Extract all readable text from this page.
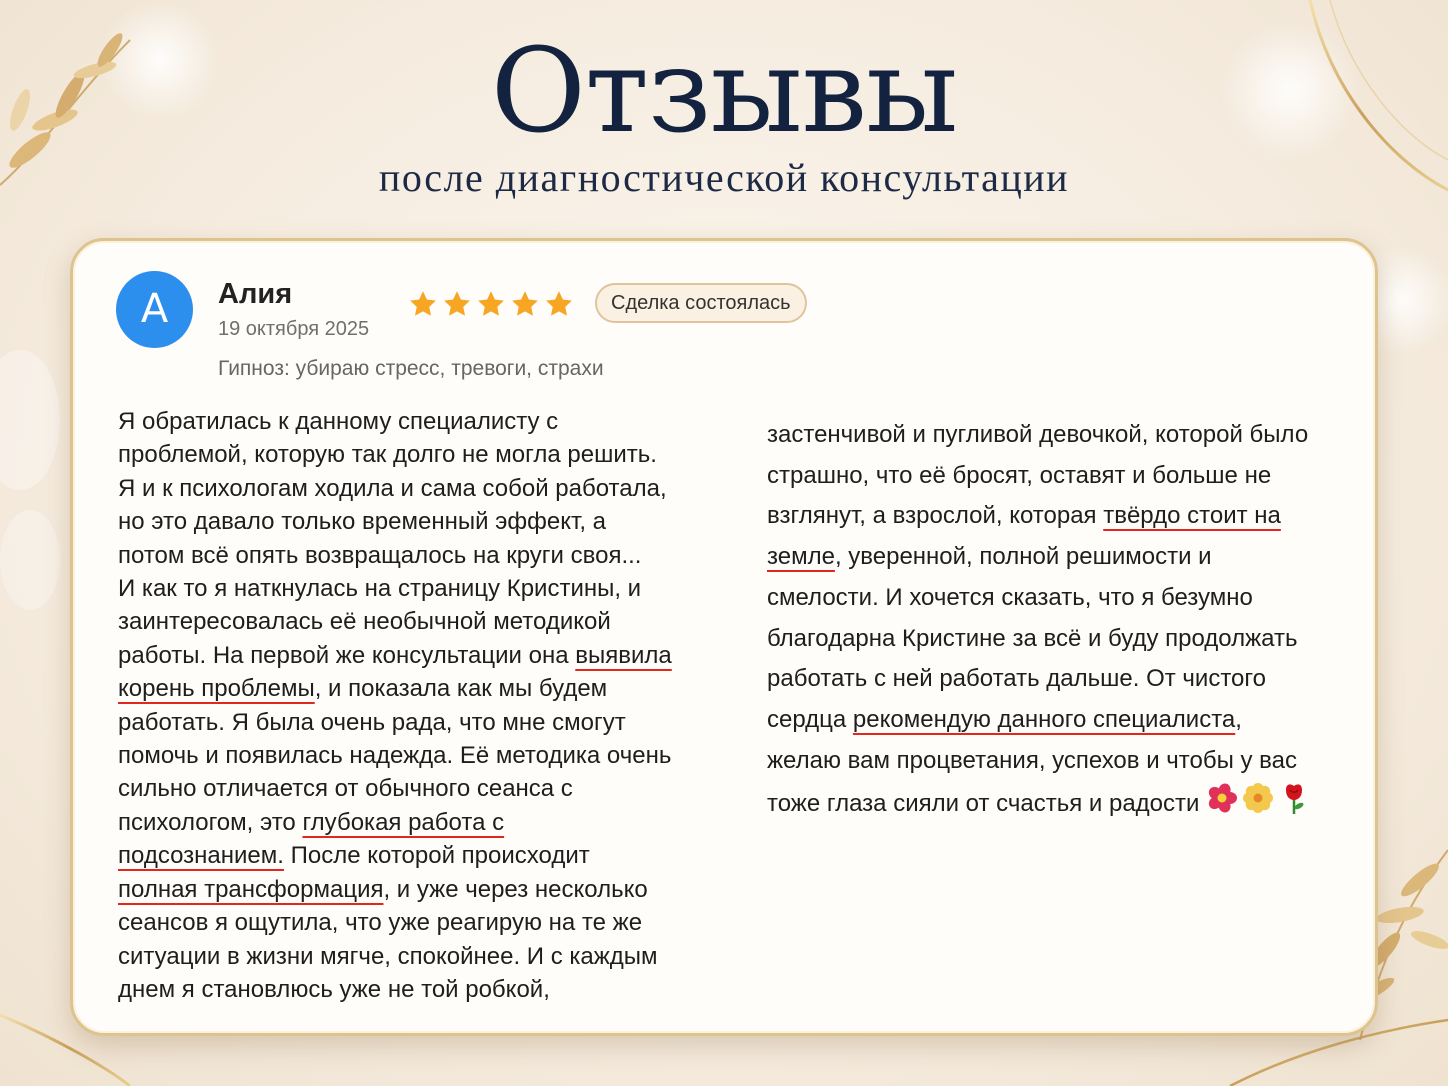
Отзывы
после диагностической консультации
А	Алия
19 октября 2025
Сделка состоялась
Гипноз: убираю стресс, тревоги, страхи
Я обратилась к данному специалисту с
проблемой, которую так долго не могла решить.
Я и к психологам ходила и сама собой работала,
но это давало только временный эффект, а
потом всё опять возвращалось на круги своя...
И как то я наткнулась на страницу Кристины, и
заинтересовалась её необычной методикой
работы. На первой же консультации она выявила
корень проблемы, и показала как мы будем
работать. Я была очень рада, что мне смогут
помочь и появилась надежда. Её методика очень
сильно отличается от обычного сеанса с
психологом, это глубокая работа с
подсознанием. После которой происходит
полная трансформация, и уже через несколько
сеансов я ощутила, что уже реагирую на те же
ситуации в жизни мягче, спокойнее. И с каждым
днем я становлюсь уже не той робкой,
застенчивой и пугливой девочкой, которой было
страшно, что её бросят, оставят и больше не
взглянут, а взрослой, которая твёрдо стоит на
земле, уверенной, полной решимости и
смелости. И хочется сказать, что я безумно
благодарна Кристине за всё и буду продолжать
работать с ней работать дальше. От чистого
сердца рекомендую данного специалиста,
желаю вам процветания, успехов и чтобы у вас
тоже глаза сияли от счастья и радости
